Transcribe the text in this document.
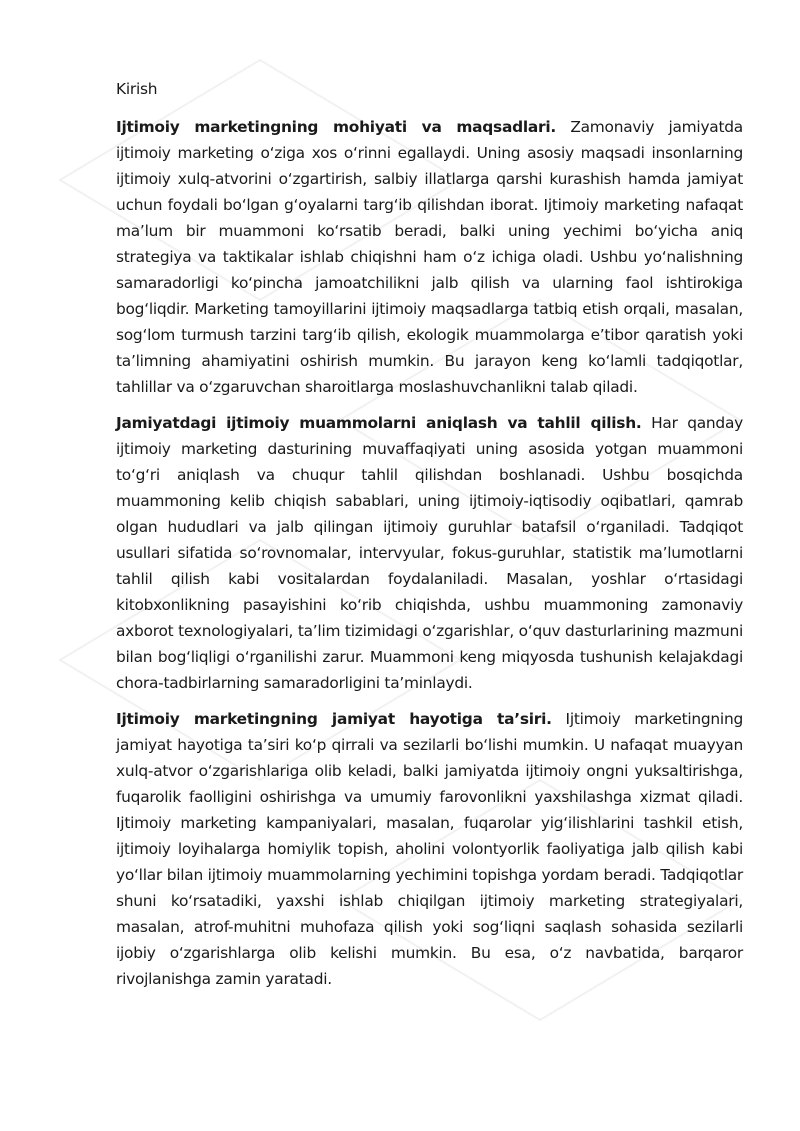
Kirish

Ijtimoiy marketingning mohiyati va maqsadlari. Zamonaviy jamiyatda ijtimoiy marketing o‘ziga xos o‘rinni egallaydi. Uning asosiy maqsadi insonlarning ijtimoiy xulq-atvorini o‘zgartirish, salbiy illatlarga qarshi kurashish hamda jamiyat uchun foydali bo‘lgan g‘oyalarni targ‘ib qilishdan iborat. Ijtimoiy marketing nafaqat ma’lum bir muammoni ko‘rsatib beradi, balki uning yechimi bo‘yicha aniq strategiya va taktikalar ishlab chiqishni ham o‘z ichiga oladi. Ushbu yo‘nalishning samaradorligi ko‘pincha jamoatchilikni jalb qilish va ularning faol ishtirokiga bog‘liqdir. Marketing tamoyillarini ijtimoiy maqsadlarga tatbiq etish orqali, masalan, sog‘lom turmush tarzini targ‘ib qilish, ekologik muammolarga e’tibor qaratish yoki ta’limning ahamiyatini oshirish mumkin. Bu jarayon keng ko‘lamli tadqiqotlar, tahlillar va o‘zgaruvchan sharoitlarga moslashuvchanlikni talab qiladi.

Jamiyatdagi ijtimoiy muammolarni aniqlash va tahlil qilish. Har qanday ijtimoiy marketing dasturining muvaffaqiyati uning asosida yotgan muammoni to‘g‘ri aniqlash va chuqur tahlil qilishdan boshlanadi. Ushbu bosqichda muammoning kelib chiqish sabablari, uning ijtimoiy-iqtisodiy oqibatlari, qamrab olgan hududlari va jalb qilingan ijtimoiy guruhlar batafsil o‘rganiladi. Tadqiqot usullari sifatida so‘rovnomalar, intervyular, fokus-guruhlar, statistik ma’lumotlarni tahlil qilish kabi vositalardan foydalaniladi. Masalan, yoshlar o‘rtasidagi kitobxonlikning pasayishini ko‘rib chiqishda, ushbu muammoning zamonaviy axborot texnologiyalari, ta’lim tizimidagi o‘zgarishlar, o‘quv dasturlarining mazmuni bilan bog‘liqligi o‘rganilishi zarur. Muammoni keng miqyosda tushunish kelajakdagi chora-tadbirlarning samaradorligini ta’minlaydi.

Ijtimoiy marketingning jamiyat hayotiga ta’siri. Ijtimoiy marketingning jamiyat hayotiga ta’siri ko‘p qirrali va sezilarli bo‘lishi mumkin. U nafaqat muayyan xulq-atvor o‘zgarishlariga olib keladi, balki jamiyatda ijtimoiy ongni yuksaltirishga, fuqarolik faolligini oshirishga va umumiy farovonlikni yaxshilashga xizmat qiladi. Ijtimoiy marketing kampaniyalari, masalan, fuqarolar yig‘ilishlarini tashkil etish, ijtimoiy loyihalarga homiylik topish, aholini volontyorlik faoliyatiga jalb qilish kabi yo‘llar bilan ijtimoiy muammolarning yechimini topishga yordam beradi. Tadqiqotlar shuni ko‘rsatadiki, yaxshi ishlab chiqilgan ijtimoiy marketing strategiyalari, masalan, atrof-muhitni muhofaza qilish yoki sog‘liqni saqlash sohasida sezilarli ijobiy o‘zgarishlarga olib kelishi mumkin. Bu esa, o‘z navbatida, barqaror rivojlanishga zamin yaratadi.
